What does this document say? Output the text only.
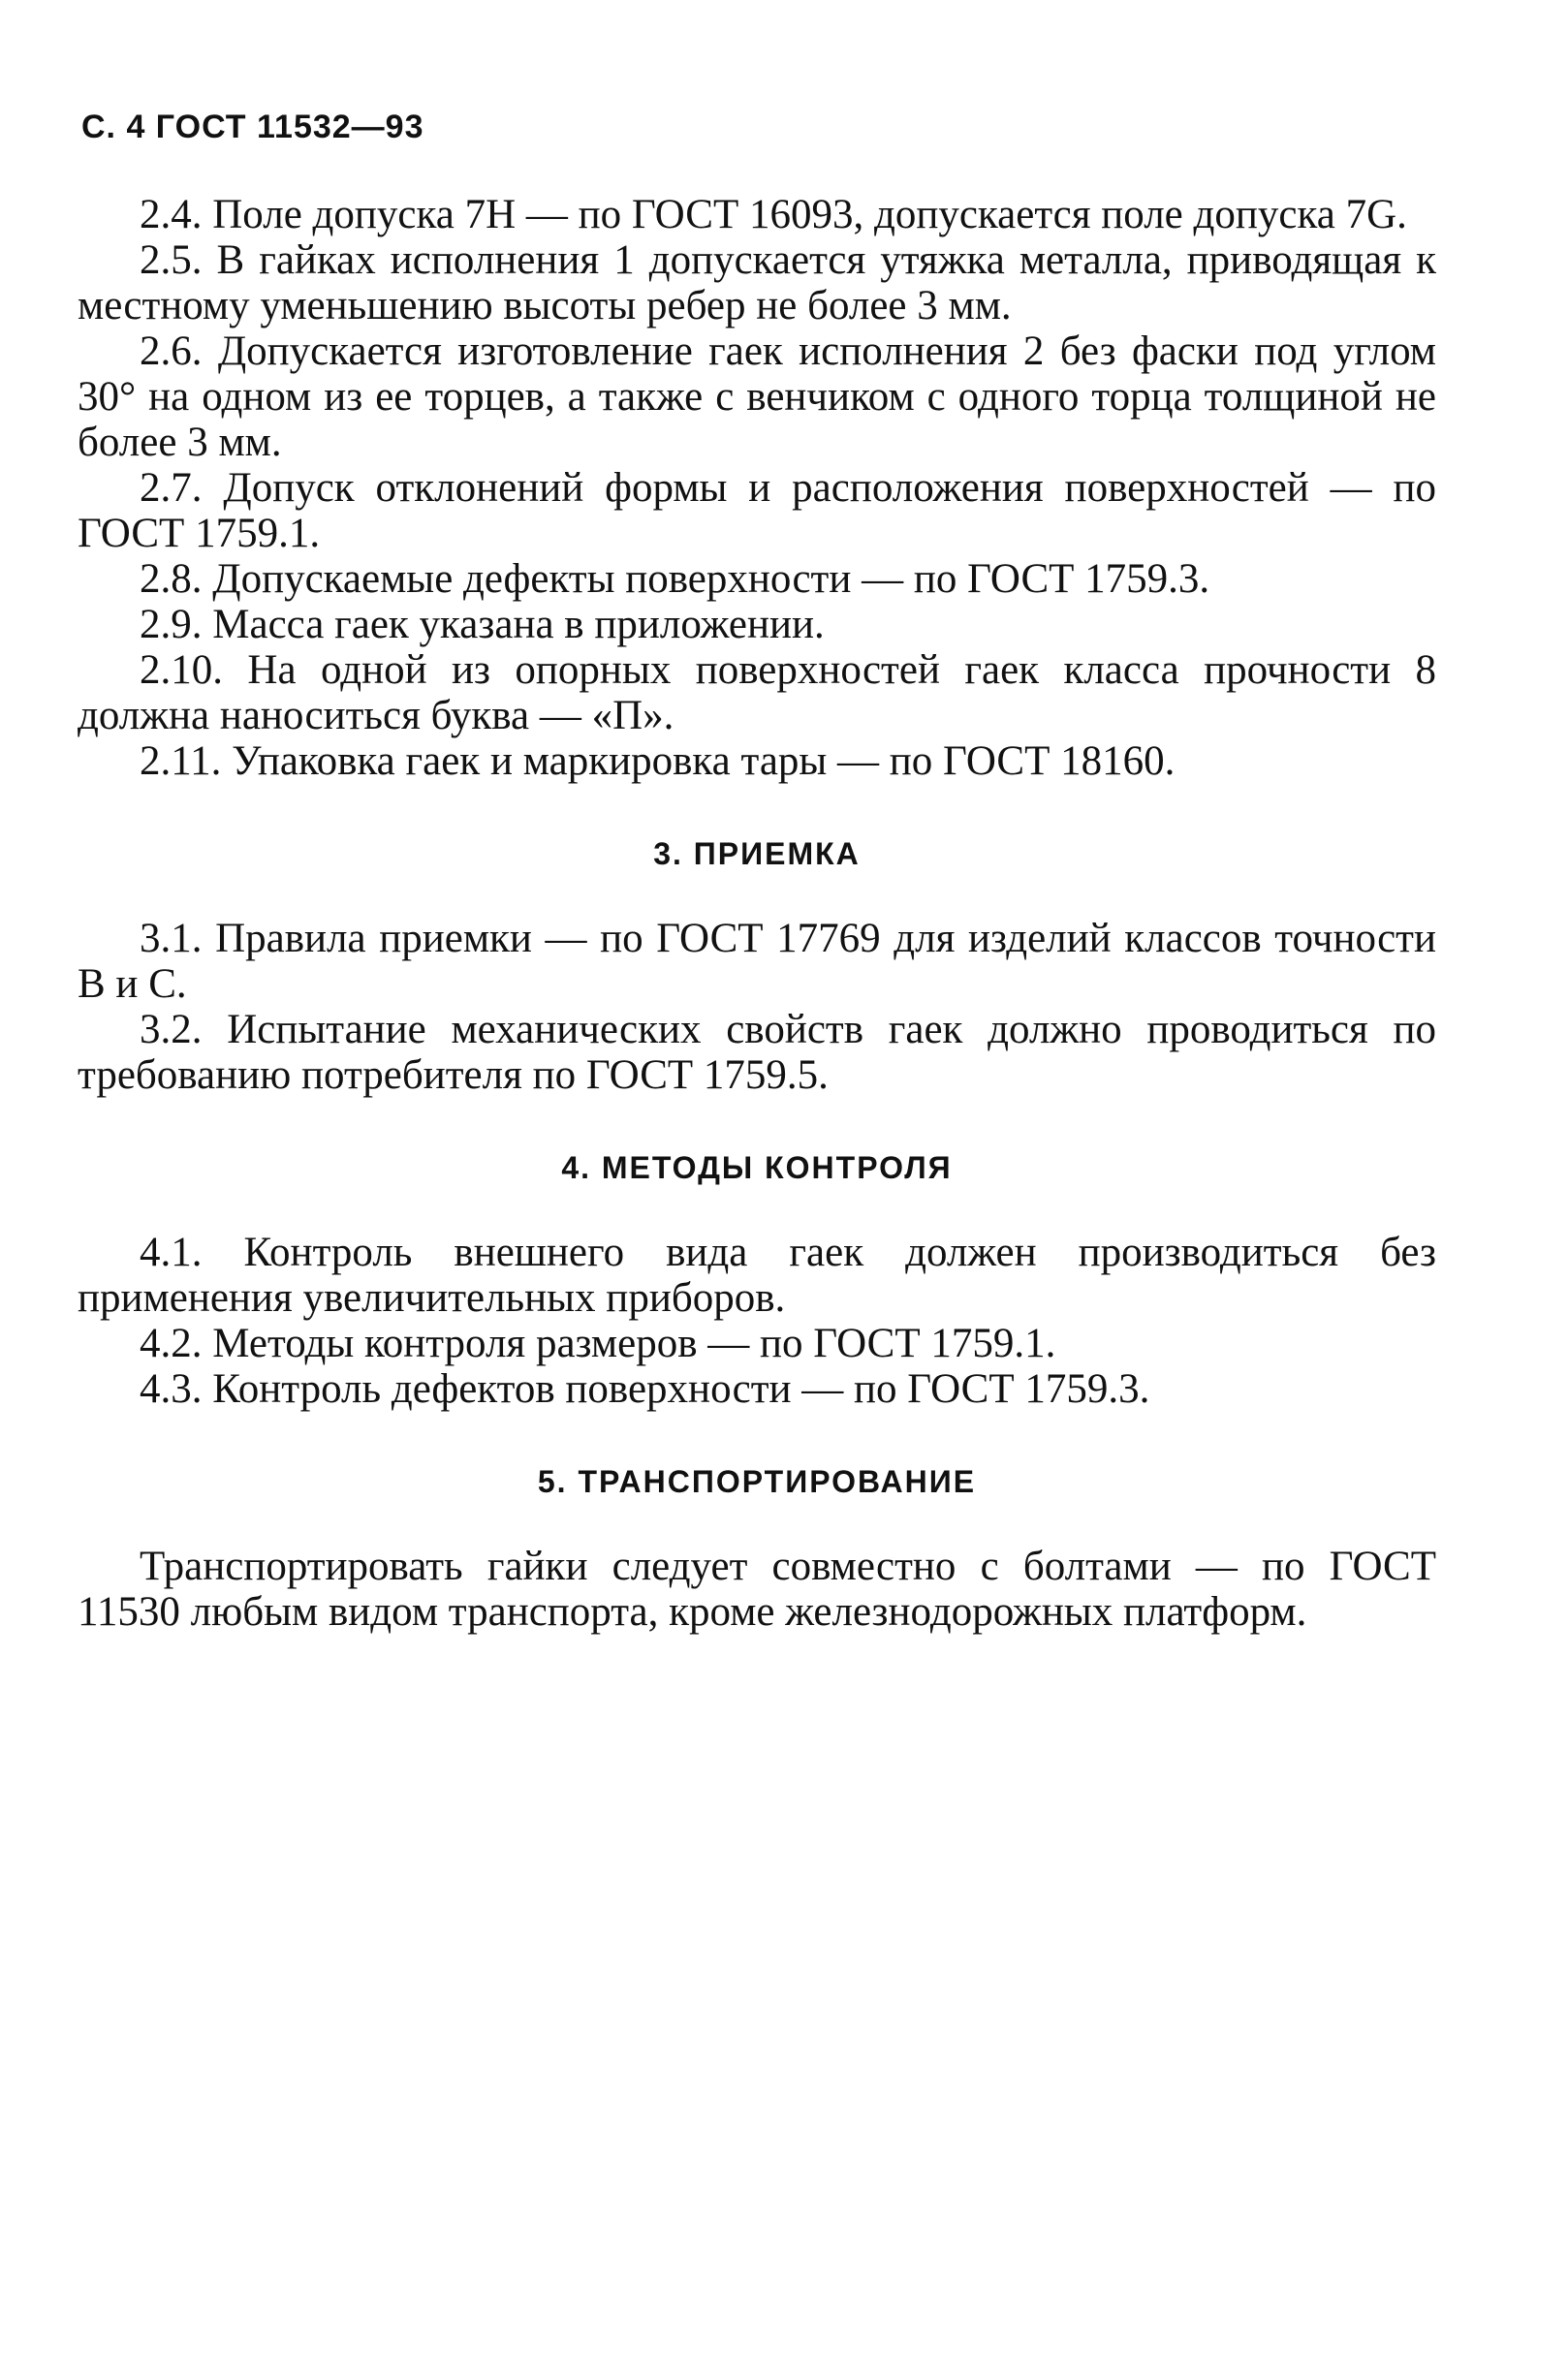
С. 4 ГОСТ 11532—93

2.4. Поле допуска 7H — по ГОСТ 16093, допускается поле допуска 7G.

2.5. В гайках исполнения 1 допускается утяжка металла, приводящая к местному уменьшению высоты ребер не более 3 мм.

2.6. Допускается изготовление гаек исполнения 2 без фаски под углом 30° на одном из ее торцев, а также с венчиком с одного торца толщиной не более 3 мм.

2.7. Допуск отклонений формы и расположения поверхностей — по ГОСТ 1759.1.

2.8. Допускаемые дефекты поверхности — по ГОСТ 1759.3.

2.9. Масса гаек указана в приложении.

2.10. На одной из опорных поверхностей гаек класса прочности 8 должна наноситься буква — «П».

2.11. Упаковка гаек и маркировка тары — по ГОСТ 18160.

3. ПРИЕМКА

3.1. Правила приемки — по ГОСТ 17769 для изделий классов точности B и C.

3.2. Испытание механических свойств гаек должно проводиться по требованию потребителя по ГОСТ 1759.5.

4. МЕТОДЫ КОНТРОЛЯ

4.1. Контроль внешнего вида гаек должен производиться без применения увеличительных приборов.

4.2. Методы контроля размеров — по ГОСТ 1759.1.

4.3. Контроль дефектов поверхности — по ГОСТ 1759.3.

5. ТРАНСПОРТИРОВАНИЕ

Транспортировать гайки следует совместно с болтами — по ГОСТ 11530 любым видом транспорта, кроме железнодорожных платформ.
